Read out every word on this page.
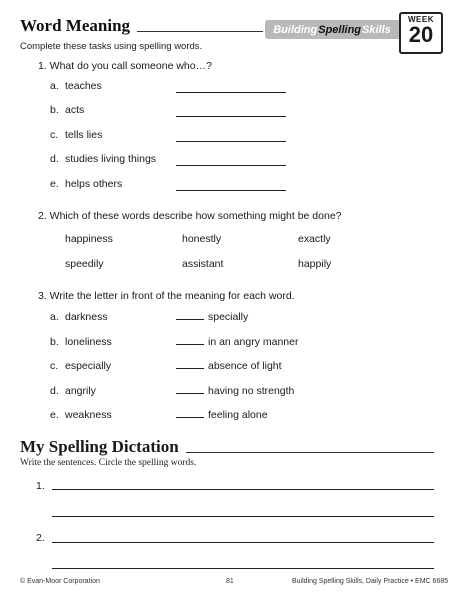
Word Meaning	Building Spelling Skills
WEEK
20
Complete these tasks using spelling words.
1. What do you call someone who…?
a. teaches
b. acts
c. tells lies
d. studies living things
e. helps others
2. Which of these words describe how something might be done?
happiness	honestly	exactly
speedily	assistant	happily
3. Write the letter in front of the meaning for each word.
a. darkness	specially
b. loneliness	in an angry manner
c. especially	absence of light
d. angrily	having no strength
e. weakness	feeling alone
My Spelling Dictation
Write the sentences. Circle the spelling words.
1.
2.
© Evan-Moor Corporation	81	Building Spelling Skills, Daily Practice • EMC 6685
